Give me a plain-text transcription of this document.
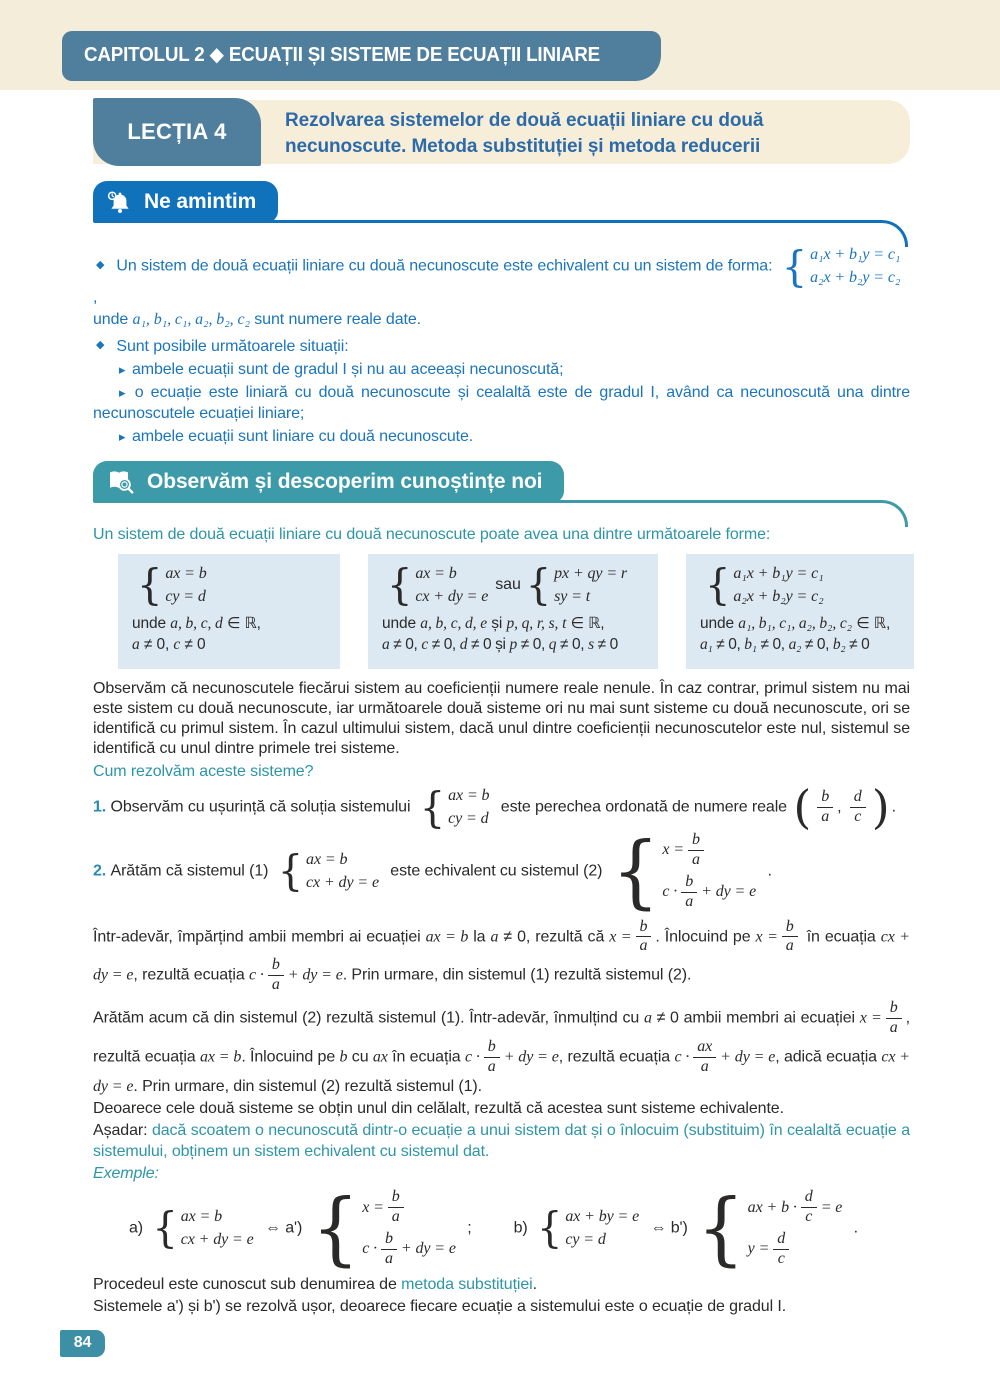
CAPITOLUL 2 ◆ ECUAȚII ȘI SISTEME DE ECUAȚII LINIARE
LECȚIA 4	Rezolvarea sistemelor de două ecuații liniare cu două
necunoscute. Metoda substituției și metoda reducerii
Ne amintim

◆ Un sistem de două ecuații liniare cu două necunoscute este echivalent cu un sistem de forma: { a₁x + b₁y = c₁
a₂x + b₂y = c₂
,

unde a₁, b₁, c₁, a₂, b₂, c₂ sunt numere reale date.

◆ Sunt posibile următoarele situații:

▸ ambele ecuații sunt de gradul I și nu au aceeași necunoscută;

▸ o ecuație este liniară cu două necunoscute și cealaltă este de gradul I, având ca necunoscută una dintre necunoscutele ecuației liniare;

▸ ambele ecuații sunt liniare cu două necunoscute.

Observăm și descoperim cunoștințe noi

Un sistem de două ecuații liniare cu două necunoscute poate avea una dintre următoarele forme:

{ ax = b
cy = d
unde a, b, c, d ∈ ℝ,
a ≠ 0, c ≠ 0
{ ax = b
cx + dy = e
sau { px + qy = r
sy = t
unde a, b, c, d, e și p, q, r, s, t ∈ ℝ,
a ≠ 0, c ≠ 0, d ≠ 0 și p ≠ 0, q ≠ 0, s ≠ 0
{ a₁x + b₁y = c₁
a₂x + b₂y = c₂
unde a₁, b₁, c₁, a₂, b₂, c₂ ∈ ℝ,
a₁ ≠ 0, b₁ ≠ 0, a₂ ≠ 0, b₂ ≠ 0

Observăm că necunoscutele fiecărui sistem au coeficienții numere reale nenule. În caz contrar, primul sistem nu mai este sistem cu două necunoscute, iar următoarele două sisteme ori nu mai sunt sisteme cu două necunoscute, ori se identifică cu primul sistem. În cazul ultimului sistem, dacă unul dintre coeficienții necunoscutelor este nul, sistemul se identifică cu unul dintre primele trei sisteme.

Cum rezolvăm aceste sisteme?

1. Observăm cu ușurință că soluția sistemului { ax = b
cy = d
este perechea ordonată de numere reale ( $\frac{b}{a}$ , $\frac{d}{c}$ ) .

2. Arătăm că sistemul (1) { ax = b
cx + dy = e
este echivalent cu sistemul (2) { $x = \frac{b}{a}$
$c \cdot \frac{b}{a}$ + dy = e
.

Într-adevăr, împărțind ambii membri ai ecuației ax = b la a ≠ 0, rezultă că $x = \frac{b}{a}$ . Înlocuind pe $x = \frac{b}{a}$ în ecuația cx + dy = e, rezultă ecuația $c \cdot \frac{b}{a}$ + dy = e. Prin urmare, din sistemul (1) rezultă sistemul (2).

Arătăm acum că din sistemul (2) rezultă sistemul (1). Într-adevăr, înmulțind cu a ≠ 0 ambii membri ai ecuației $x = \frac{b}{a}$ , rezultă ecuația ax = b. Înlocuind pe b cu ax în ecuația $c \cdot \frac{b}{a}$ + dy = e, rezultă ecuația $c \cdot \frac{ax}{a}$ + dy = e, adică ecuația cx + dy = e. Prin urmare, din sistemul (2) rezultă sistemul (1).

Deoarece cele două sisteme se obțin unul din celălalt, rezultă că acestea sunt sisteme echivalente.

Așadar: dacă scoatem o necunoscută dintr-o ecuație a unui sistem dat și o înlocuim (substituim) în cealaltă ecuație a sistemului, obținem un sistem echivalent cu sistemul dat.

Exemple:

a) { ax = b
cx + dy = e
⇔ a') { $x = \frac{b}{a}$
$c \cdot \frac{b}{a}$ + dy = e
;	b) { ax + by = e
cy = d
⇔ b') { ax + $b \cdot \frac{d}{c} = e$
$y = \frac{d}{c}$
.

Procedeul este cunoscut sub denumirea de metoda substituției.

Sistemele a') și b') se rezolvă ușor, deoarece fiecare ecuație a sistemului este o ecuație de gradul I.

84
